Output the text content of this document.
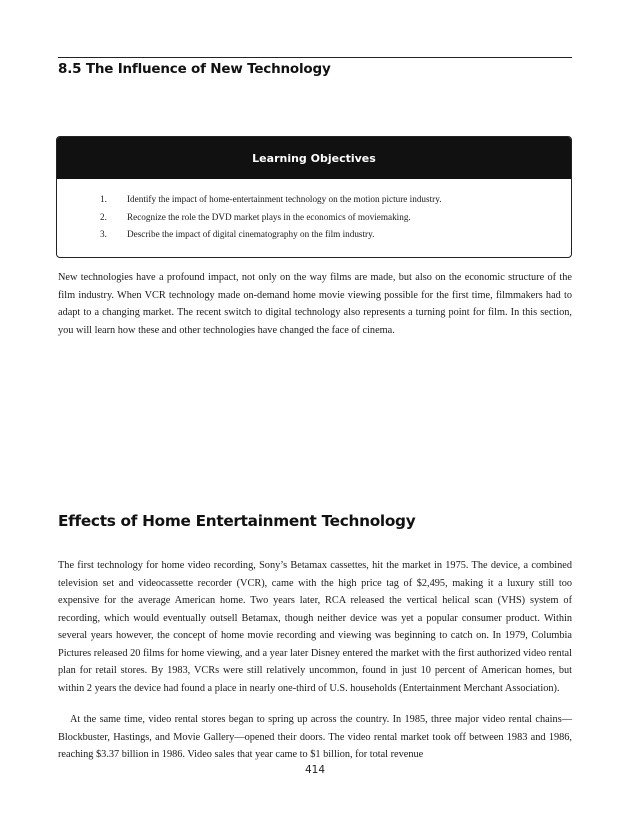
8.5 The Influence of New Technology
Learning Objectives
1. Identify the impact of home-entertainment technology on the motion picture industry.
2. Recognize the role the DVD market plays in the economics of moviemaking.
3. Describe the impact of digital cinematography on the film industry.

New technologies have a profound impact, not only on the way films are made, but also on the economic structure of the film industry. When VCR technology made on-demand home movie viewing possible for the first time, filmmakers had to adapt to a changing market. The recent switch to digital technology also represents a turning point for film. In this section, you will learn how these and other technologies have changed the face of cinema.

Effects of Home Entertainment Technology

The first technology for home video recording, Sony’s Betamax cassettes, hit the market in 1975. The device, a combined television set and videocassette recorder (VCR), came with the high price tag of $2,495, making it a luxury still too expensive for the average American home. Two years later, RCA released the vertical helical scan (VHS) system of recording, which would eventually outsell Betamax, though neither device was yet a popular consumer product. Within several years however, the concept of home movie recording and viewing was beginning to catch on. In 1979, Columbia Pictures released 20 films for home viewing, and a year later Disney entered the market with the first authorized video rental plan for retail stores. By 1983, VCRs were still relatively uncommon, found in just 10 percent of American homes, but within 2 years the device had found a place in nearly one-third of U.S. households (Entertainment Merchant Association).

At the same time, video rental stores began to spring up across the country. In 1985, three major video rental chains—Blockbuster, Hastings, and Movie Gallery—opened their doors. The video rental market took off between 1983 and 1986, reaching $3.37 billion in 1986. Video sales that year came to $1 billion, for total revenue

414
